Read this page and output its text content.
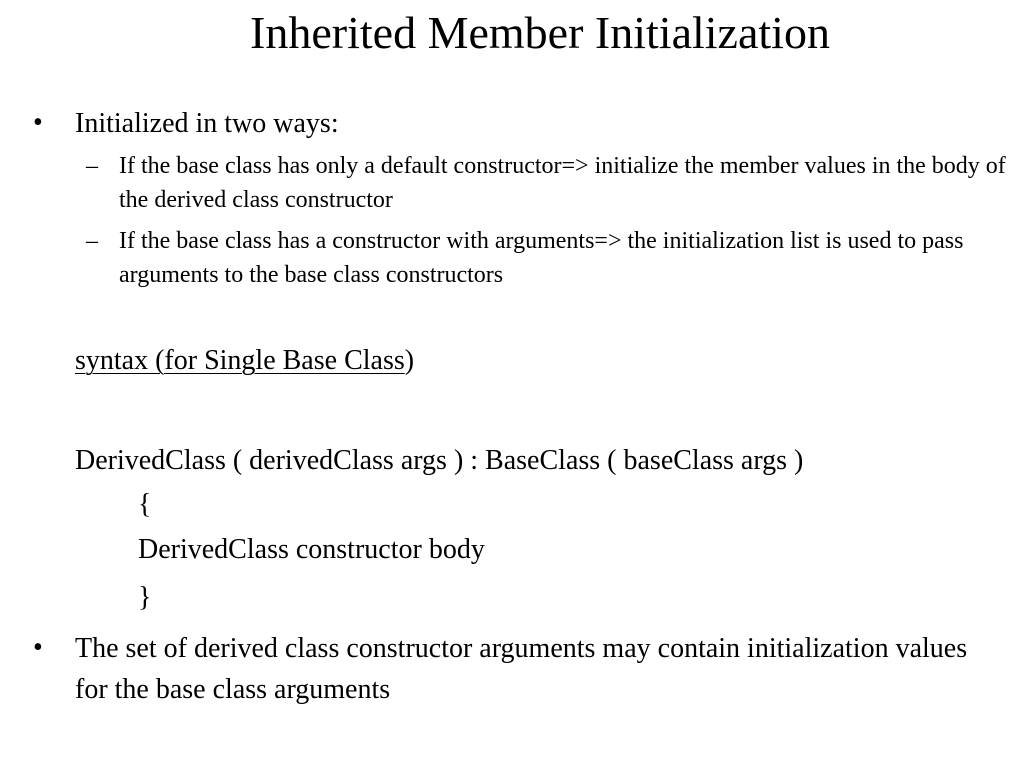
Inherited Member Initialization
• Initialized in two ways:
– If the base class has only a default constructor=> initialize the member values in the body of the derived class constructor
– If the base class has a constructor with arguments=> the initialization list is used to pass arguments to the base class constructors
syntax (for Single Base Class)
DerivedClass ( derivedClass args ) : BaseClass ( baseClass args )
{
DerivedClass constructor body
}
• The set of derived class constructor arguments may contain initialization values for the base class arguments
